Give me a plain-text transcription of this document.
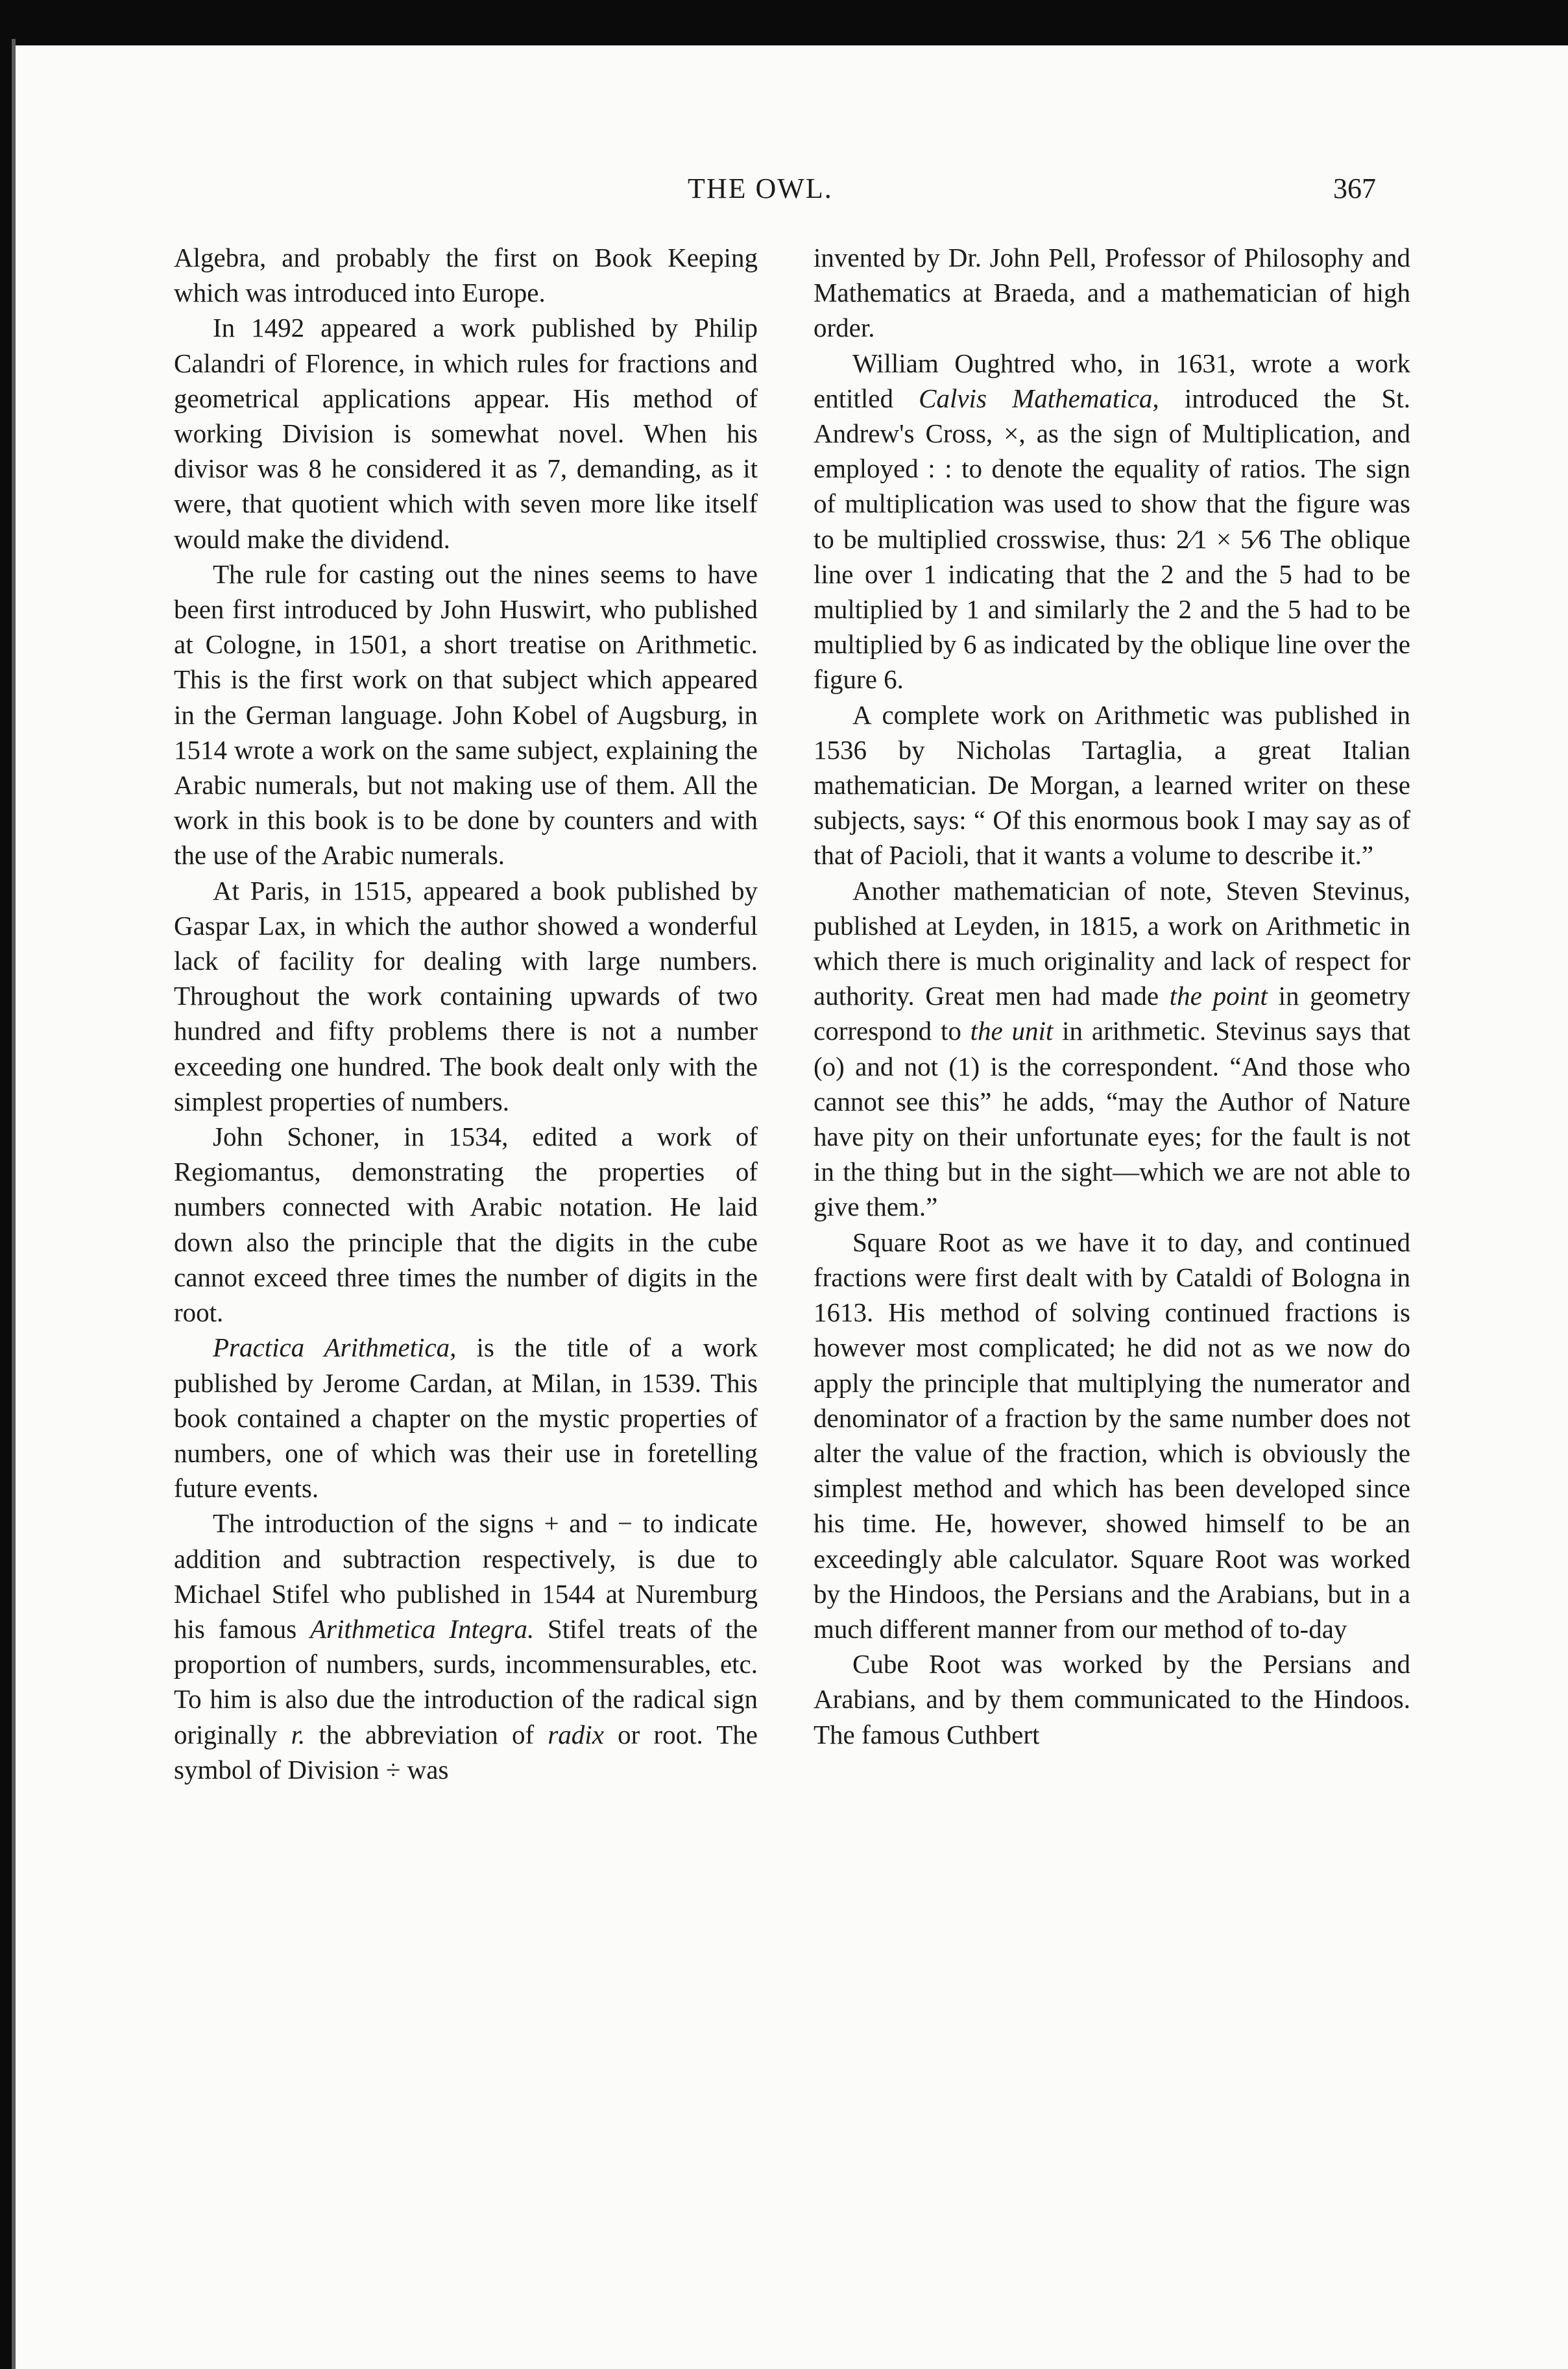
THE OWL.	367

Algebra, and probably the first on Book Keeping which was introduced into Europe.

In 1492 appeared a work published by Philip Calandri of Florence, in which rules for fractions and geometrical applications appear. His method of working Division is somewhat novel. When his divisor was 8 he considered it as 7, demanding, as it were, that quotient which with seven more like itself would make the dividend.

The rule for casting out the nines seems to have been first introduced by John Huswirt, who published at Cologne, in 1501, a short treatise on Arithmetic. This is the first work on that subject which appeared in the German language. John Kobel of Augsburg, in 1514 wrote a work on the same subject, explaining the Arabic numerals, but not making use of them. All the work in this book is to be done by counters and with the use of the Arabic numerals.

At Paris, in 1515, appeared a book published by Gaspar Lax, in which the author showed a wonderful lack of facility for dealing with large numbers. Throughout the work containing upwards of two hundred and fifty problems there is not a number exceeding one hundred. The book dealt only with the simplest properties of numbers.

John Schoner, in 1534, edited a work of Regiomantus, demonstrating the properties of numbers connected with Arabic notation. He laid down also the principle that the digits in the cube cannot exceed three times the number of digits in the root.

Practica Arithmetica, is the title of a work published by Jerome Cardan, at Milan, in 1539. This book contained a chapter on the mystic properties of numbers, one of which was their use in foretelling future events.

The introduction of the signs + and − to indicate addition and subtraction respectively, is due to Michael Stifel who published in 1544 at Nuremburg his famous Arithmetica Integra. Stifel treats of the proportion of numbers, surds, incommensurables, etc. To him is also due the introduction of the radical sign originally r. the abbreviation of radix or root. The symbol of Division ÷ was

invented by Dr. John Pell, Professor of Philosophy and Mathematics at Braeda, and a mathematician of high order.

William Oughtred who, in 1631, wrote a work entitled Calvis Mathematica, introduced the St. Andrew's Cross, ×, as the sign of Multiplication, and employed : : to denote the equality of ratios. The sign of multiplication was used to show that the figure was to be multiplied crosswise, thus: 2⁄1 × 5⁄6 The oblique line over 1 indicating that the 2 and the 5 had to be multiplied by 1 and similarly the 2 and the 5 had to be multiplied by 6 as indicated by the oblique line over the figure 6.

A complete work on Arithmetic was published in 1536 by Nicholas Tartaglia, a great Italian mathematician. De Morgan, a learned writer on these subjects, says: “ Of this enormous book I may say as of that of Pacioli, that it wants a volume to describe it.”

Another mathematician of note, Steven Stevinus, published at Leyden, in 1815, a work on Arithmetic in which there is much originality and lack of respect for authority. Great men had made the point in geometry correspond to the unit in arithmetic. Stevinus says that (o) and not (1) is the correspondent. “And those who cannot see this” he adds, “may the Author of Nature have pity on their unfortunate eyes; for the fault is not in the thing but in the sight—which we are not able to give them.”

Square Root as we have it to day, and continued fractions were first dealt with by Cataldi of Bologna in 1613. His method of solving continued fractions is however most complicated; he did not as we now do apply the principle that multiplying the numerator and denominator of a fraction by the same number does not alter the value of the fraction, which is obviously the simplest method and which has been developed since his time. He, however, showed himself to be an exceedingly able calculator. Square Root was worked by the Hindoos, the Persians and the Arabians, but in a much different manner from our method of to-day

Cube Root was worked by the Persians and Arabians, and by them communicated to the Hindoos. The famous Cuthbert
